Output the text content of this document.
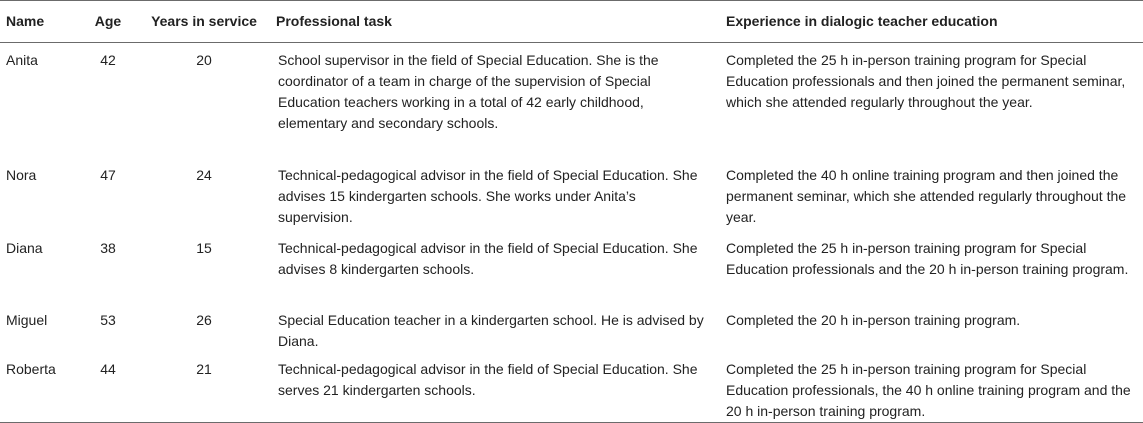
Name	Age	Years in service	Professional task	Experience in dialogic teacher education
Anita	42	20	School supervisor in the field of Special Education. She is the coordinator of a team in charge of the supervision of Special Education teachers working in a total of 42 early childhood, elementary and secondary schools.	Completed the 25 h in-person training program for Special Education professionals and then joined the permanent seminar, which she attended regularly throughout the year.
Nora	47	24	Technical-pedagogical advisor in the field of Special Education. She advises 15 kindergarten schools. She works under Anita’s supervision.	Completed the 40 h online training program and then joined the permanent seminar, which she attended regularly throughout the year.
Diana	38	15	Technical-pedagogical advisor in the field of Special Education. She advises 8 kindergarten schools.	Completed the 25 h in-person training program for Special Education professionals and the 20 h in-person training program.
Miguel	53	26	Special Education teacher in a kindergarten school. He is advised by Diana.	Completed the 20 h in-person training program.
Roberta	44	21	Technical-pedagogical advisor in the field of Special Education. She serves 21 kindergarten schools.	Completed the 25 h in-person training program for Special Education professionals, the 40 h online training program and the 20 h in-person training program.
